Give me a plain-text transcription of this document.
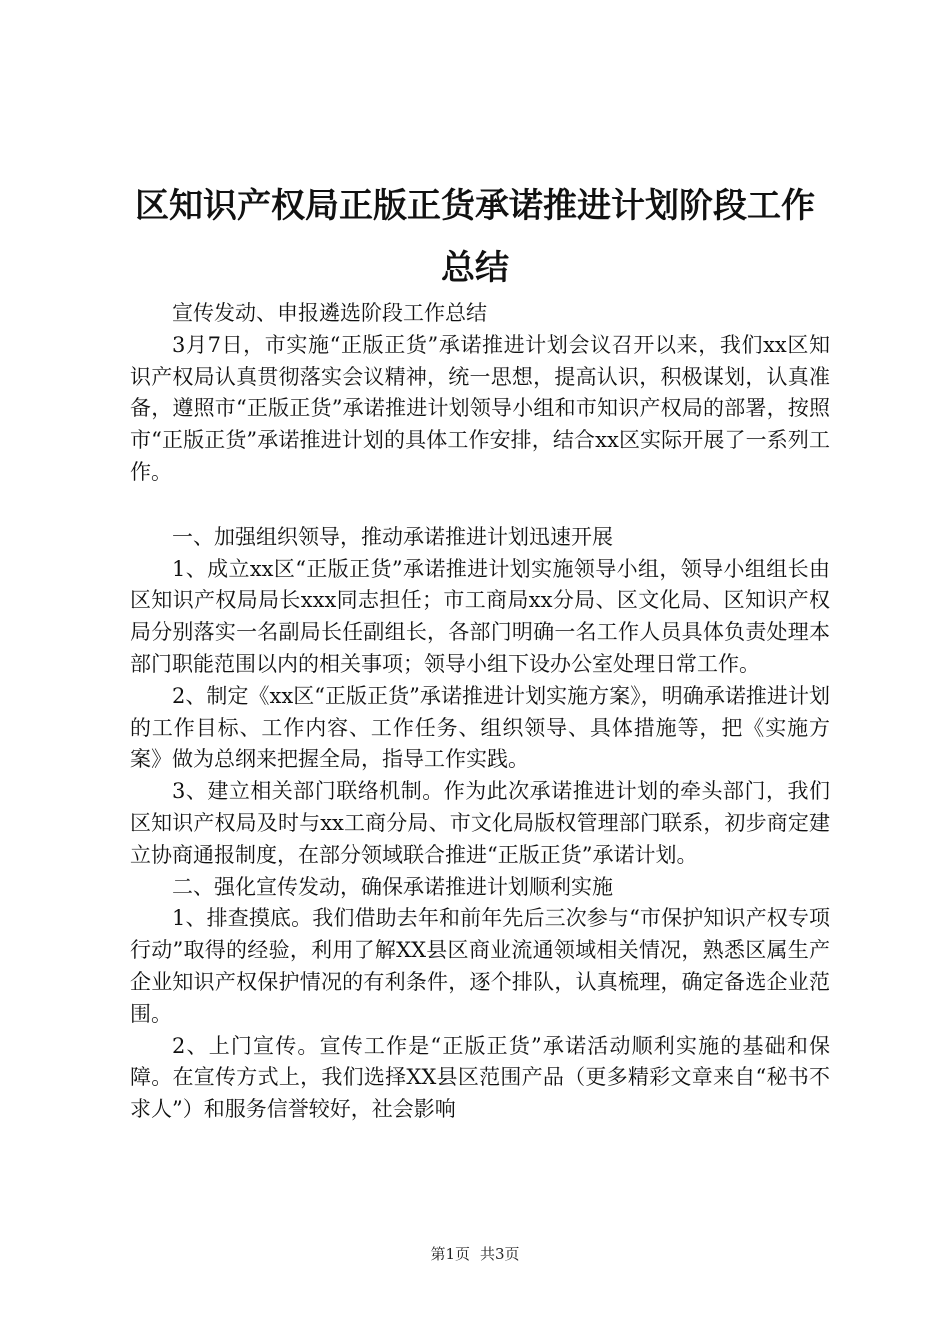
区知识产权局正版正货承诺推进计划阶段工作
总结

宣传发动、申报遴选阶段工作总结

3月7日，市实施“正版正货”承诺推进计划会议召开以来，我们xx区知识产权局认真贯彻落实会议精神，统一思想，提高认识，积极谋划，认真准备，遵照市“正版正货”承诺推进计划领导小组和市知识产权局的部署，按照市“正版正货”承诺推进计划的具体工作安排，结合xx区实际开展了一系列工作。

一、加强组织领导，推动承诺推进计划迅速开展

1、成立xx区“正版正货”承诺推进计划实施领导小组，领导小组组长由区知识产权局局长xxx同志担任；市工商局xx分局、区文化局、区知识产权局分别落实一名副局长任副组长，各部门明确一名工作人员具体负责处理本部门职能范围以内的相关事项；领导小组下设办公室处理日常工作。

2、制定《xx区“正版正货”承诺推进计划实施方案》，明确承诺推进计划的工作目标、工作内容、工作任务、组织领导、具体措施等，把《实施方案》做为总纲来把握全局，指导工作实践。

3、建立相关部门联络机制。作为此次承诺推进计划的牵头部门，我们区知识产权局及时与xx工商分局、市文化局版权管理部门联系，初步商定建立协商通报制度，在部分领域联合推进“正版正货”承诺计划。

二、强化宣传发动，确保承诺推进计划顺利实施

1、排查摸底。我们借助去年和前年先后三次参与“市保护知识产权专项行动”取得的经验，利用了解XX县区商业流通领域相关情况，熟悉区属生产企业知识产权保护情况的有利条件，逐个排队，认真梳理，确定备选企业范围。

2、上门宣传。宣传工作是“正版正货”承诺活动顺利实施的基础和保障。在宣传方式上，我们选择XX县区范围产品（更多精彩文章来自“秘书不求人”）和服务信誉较好，社会影响

第1页 共3页
